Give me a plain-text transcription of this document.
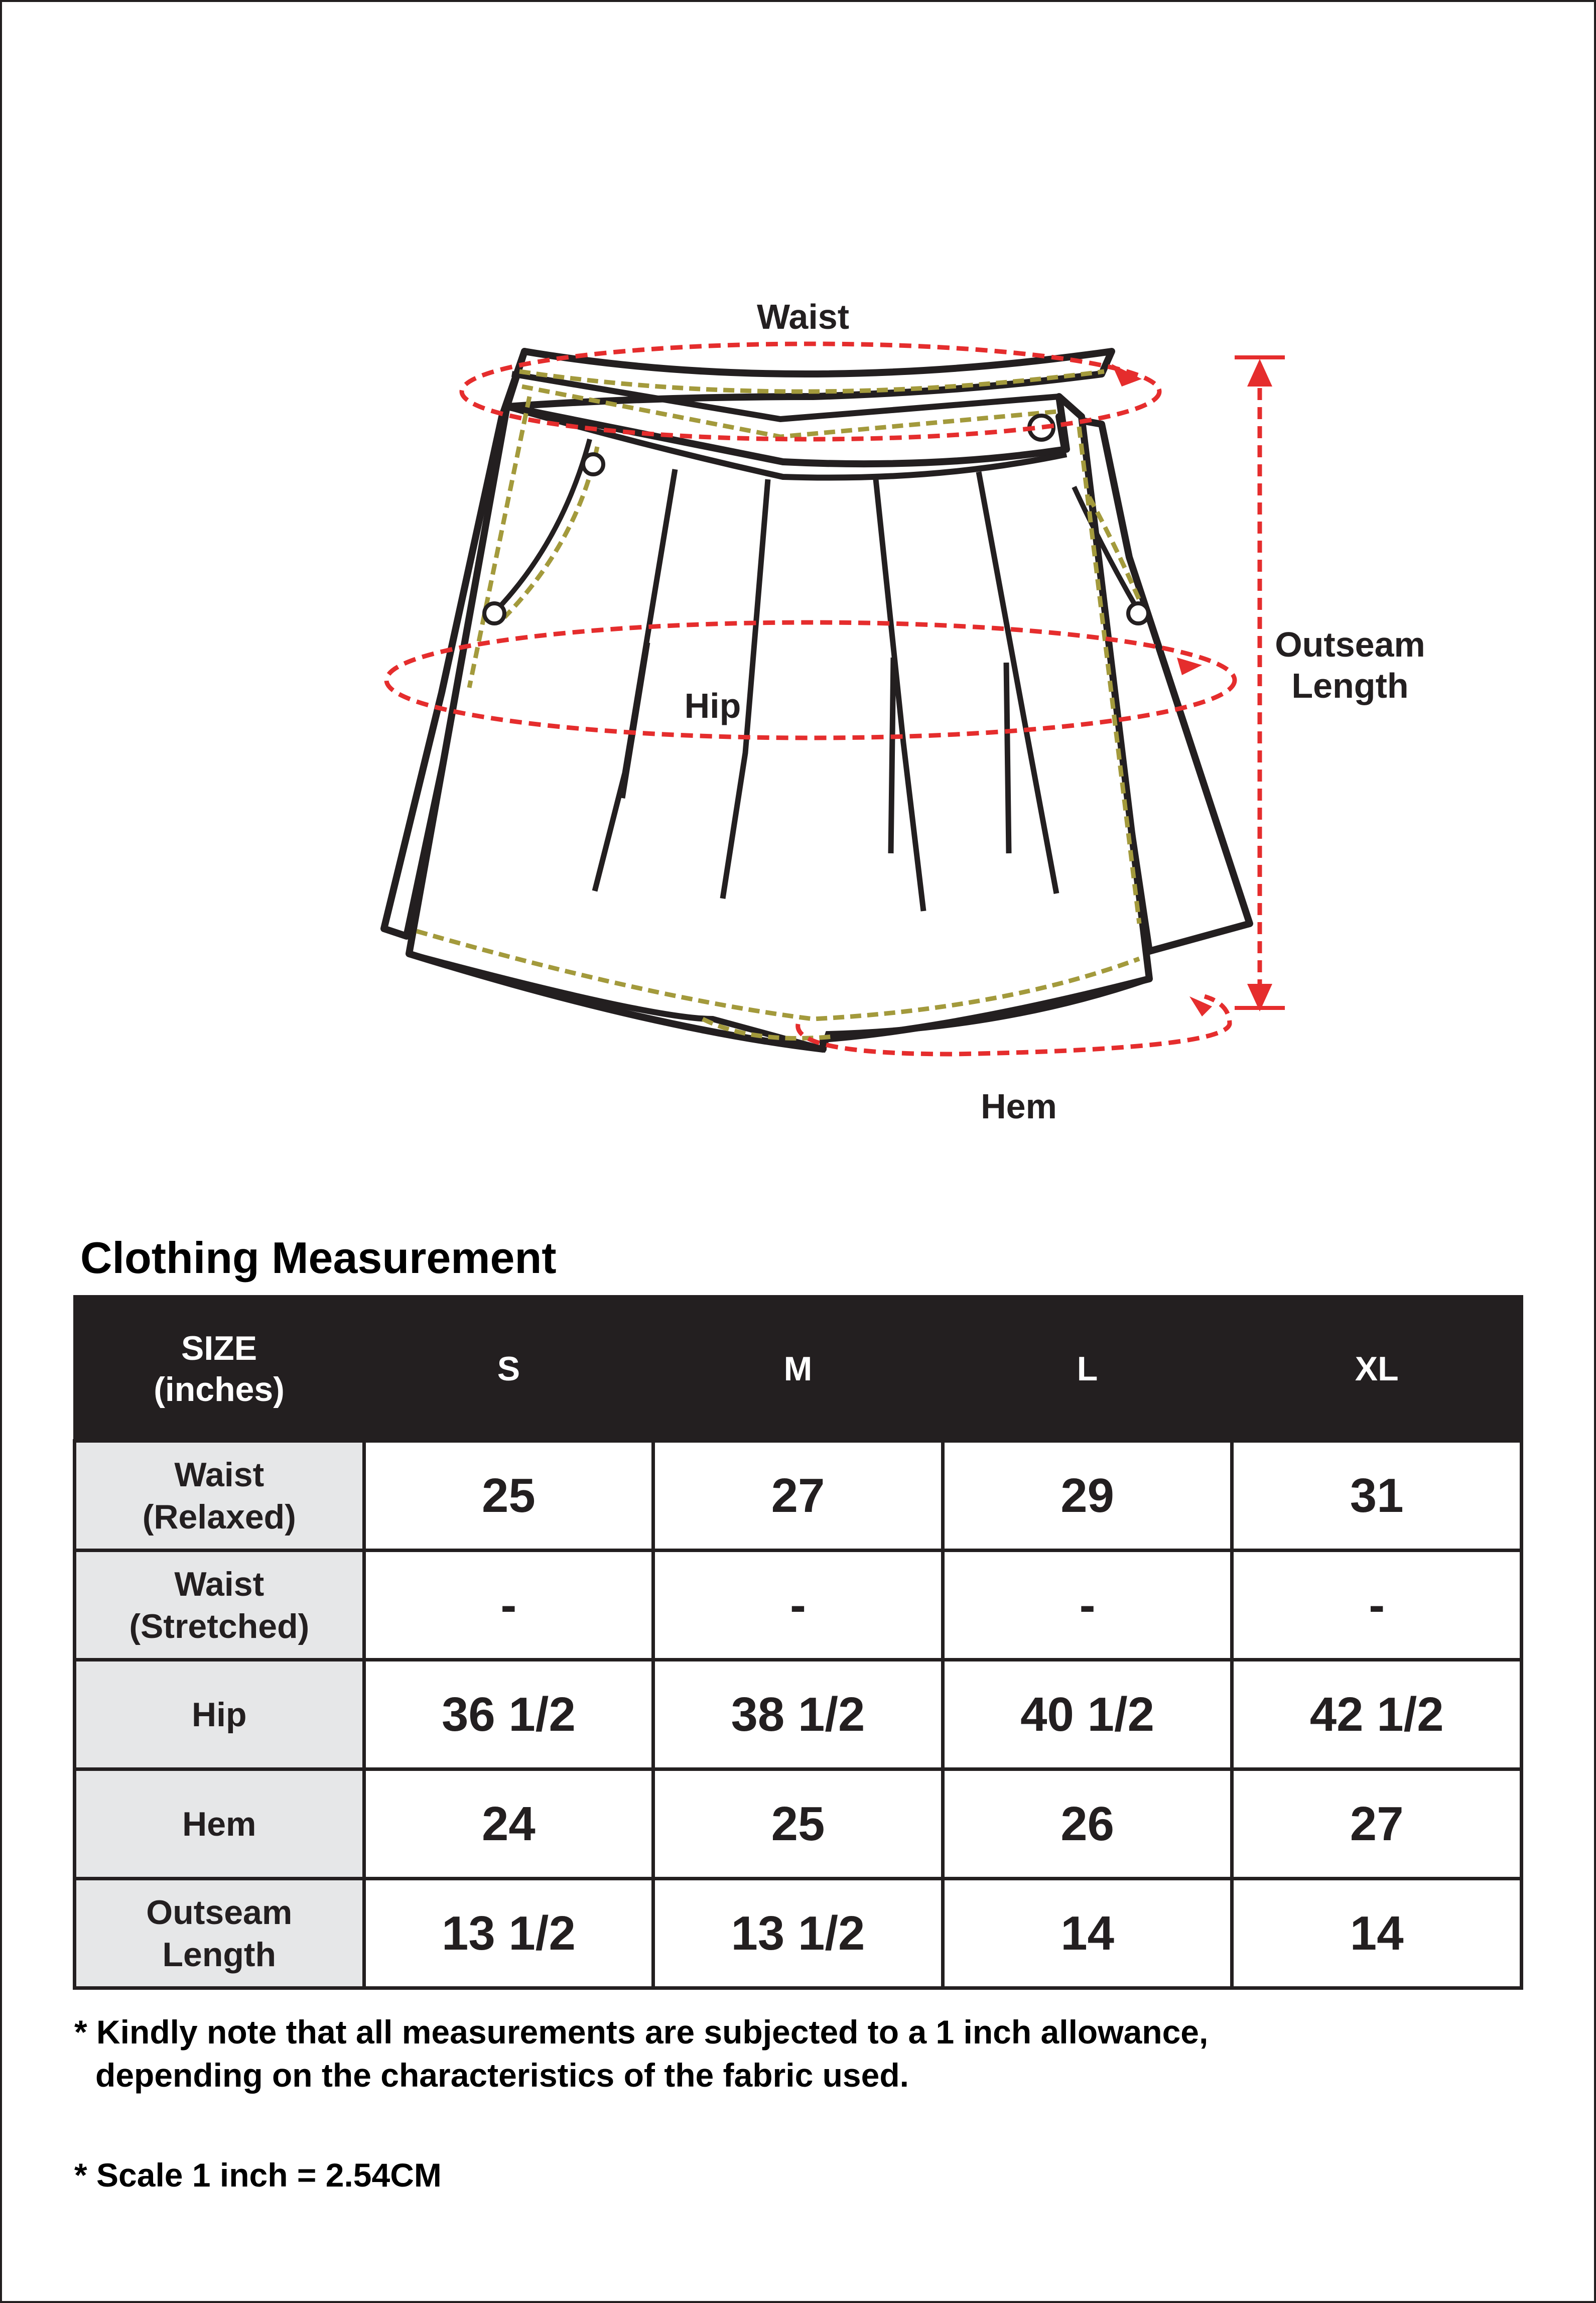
Waist
Hip
Outseam
Length
Hem
Clothing Measurement
SIZE
(inches)	S	M	L	XL
Waist
(Relaxed)	25	27	29	31
Waist
(Stretched)	-	-	-	-
Hip	36 1/2	38 1/2	40 1/2	42 1/2
Hem	24	25	26	27
Outseam
Length	13 1/2	13 1/2	14	14

* Kindly note that all measurements are subjected to a 1 inch allowance,
depending on the characteristics of the fabric used.

* Scale 1 inch = 2.54CM
